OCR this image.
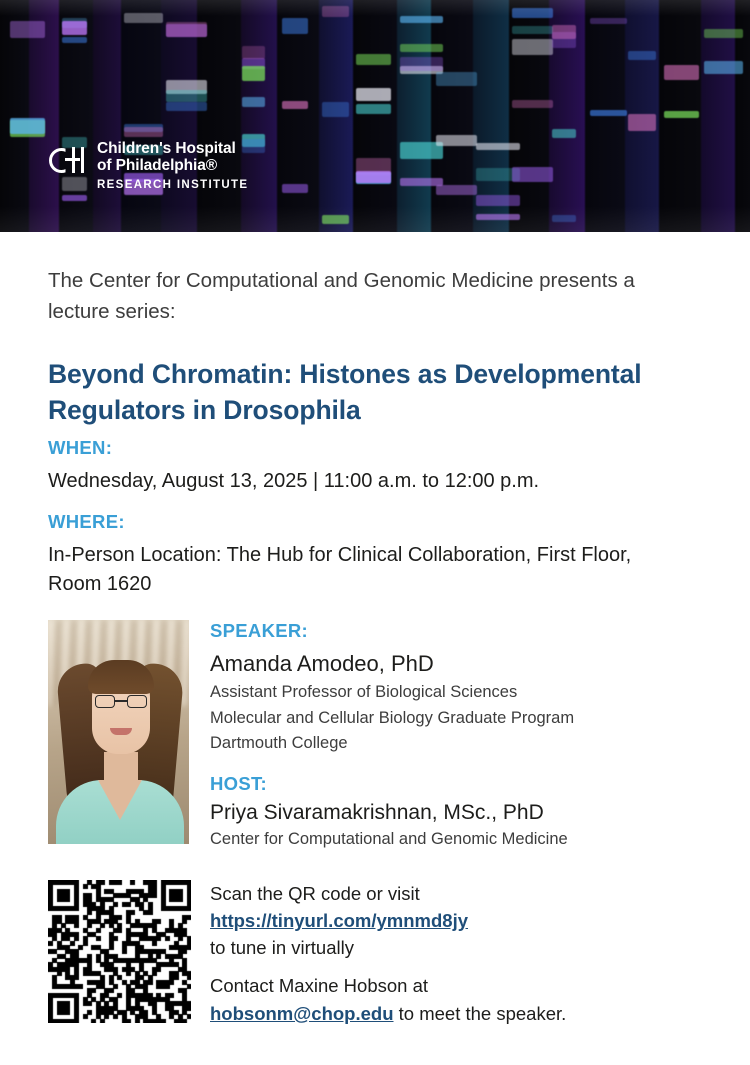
Children's Hospital
of Philadelphia®
RESEARCH INSTITUTE
The Center for Computational and Genomic Medicine presents a lecture series:
Beyond Chromatin: Histones as Developmental Regulators in Drosophila
WHEN:
Wednesday, August 13, 2025 | 11:00 a.m. to 12:00 p.m.
WHERE:
In-Person Location: The Hub for Clinical Collaboration, First Floor, Room 1620
SPEAKER:
Amanda Amodeo, PhD
Assistant Professor of Biological Sciences
Molecular and Cellular Biology Graduate Program
Dartmouth College
HOST:
Priya Sivaramakrishnan, MSc., PhD
Center for Computational and Genomic Medicine
Scan the QR code or visit
https://tinyurl.com/ymnmd8jy
to tune in virtually
Contact Maxine Hobson at
hobsonm@chop.edu to meet the speaker.
